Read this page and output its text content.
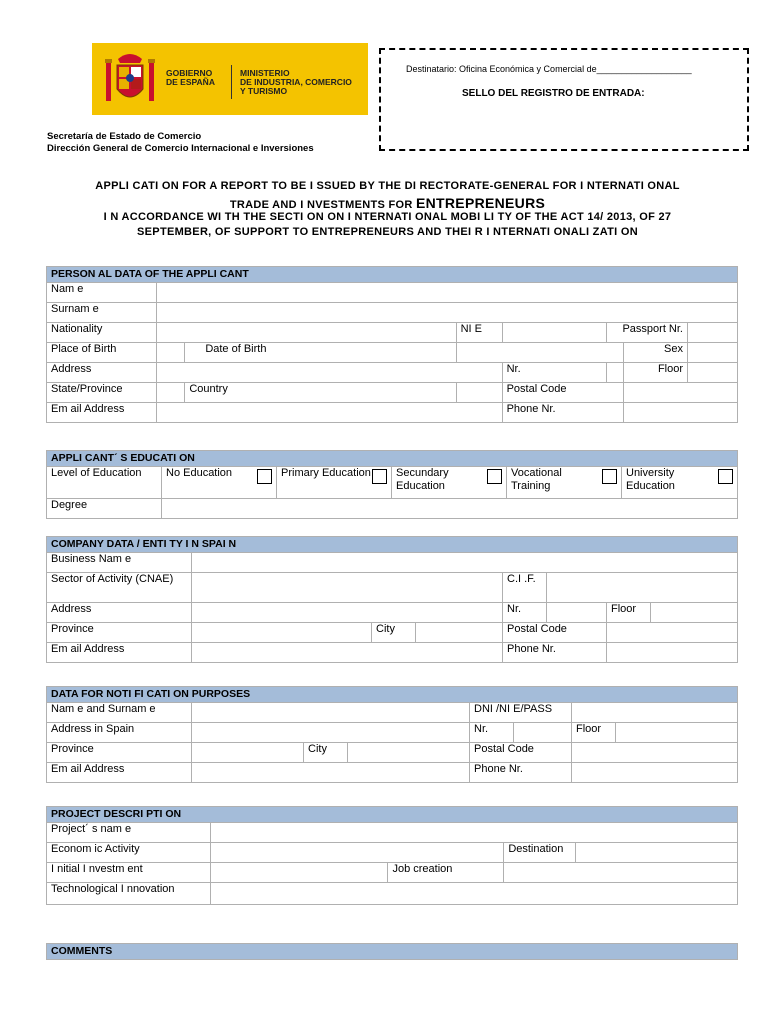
GOBIERNO
DE ESPAÑA
MINISTERIO
DE INDUSTRIA, COMERCIO
Y TURISMO
Destinatario: Oficina Económica y Comercial de___________________
SELLO DEL REGISTRO DE ENTRADA:
Secretaría de Estado de Comercio
Dirección General de Comercio Internacional e Inversiones
APPLI CATI ON FOR A REPORT TO BE I SSUED BY THE DI RECTORATE-GENERAL FOR I NTERNATI ONAL
TRADE AND I NVESTMENTS FOR ENTREPRENEURS
I N ACCORDANCE WI TH THE SECTI ON ON I NTERNATI ONAL MOBI LI TY OF THE ACT 14/ 2013, OF 27
SEPTEMBER, OF SUPPORT TO ENTREPRENEURS AND THEI R I NTERNATI ONALI ZATI ON
PERSON AL DATA OF THE APPLI CANT							
Nam e							
Surnam e							
Nationality			NI E		Passport Nr.		
Place of Birth		Date of Birth				Sex	
Address				Nr.		Floor	
State/Province		Country		Postal Code			
Em ail Address				Phone Nr.			
APPLI CANT´ S EDUCATI ON					
Level of Education	No Education	Primary Education	Secundary Education	Vocational Training	University Education
Degree					
COMPANY DATA / ENTI TY I N SPAI N							
Business Nam e							
Sector of Activity (CNAE)				C.I .F.			
Address				Nr.		Floor	
Province		City		Postal Code			
Em ail Address				Phone Nr.			
DATA FOR NOTI FI CATI ON PURPOSES							
Nam e and Surnam e				DNI /NI E/PASS			
Address in Spain				Nr.		Floor	
Province		City		Postal Code			
Em ail Address				Phone Nr.			
PROJECT DESCRI PTI ON				
Project´ s nam e				
Econom ic Activity			Destination	
I nitial I nvestm ent		Job creation		
Technological I nnovation				
COMMENTS
